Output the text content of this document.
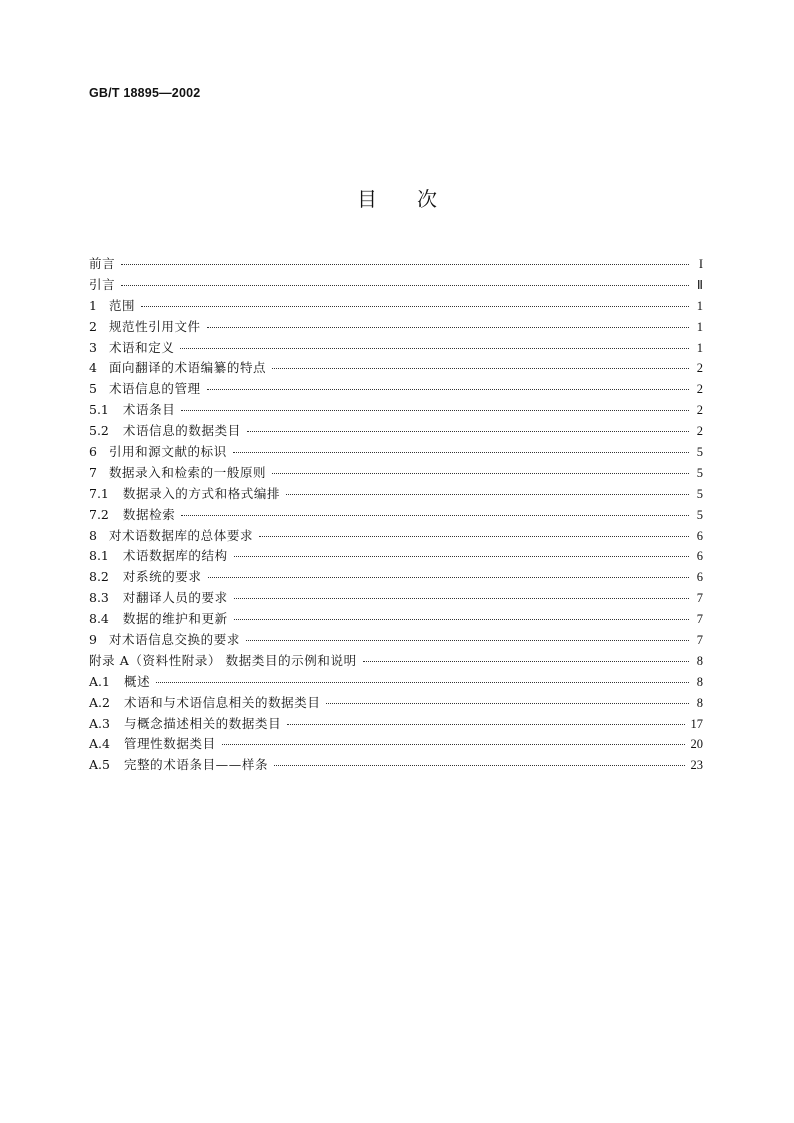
GB/T 18895—2002
目 次
前言	I
引言	Ⅱ
1 范围	1
2 规范性引用文件	1
3 术语和定义	1
4 面向翻译的术语编纂的特点	2
5 术语信息的管理	2
5.1 术语条目	2
5.2 术语信息的数据类目	2
6 引用和源文献的标识	5
7 数据录入和检索的一般原则	5
7.1 数据录入的方式和格式编排	5
7.2 数据检索	5
8 对术语数据库的总体要求	6
8.1 术语数据库的结构	6
8.2 对系统的要求	6
8.3 对翻译人员的要求	7
8.4 数据的维护和更新	7
9 对术语信息交换的要求	7
附录 A（资料性附录） 数据类目的示例和说明	8
A.1 概述	8
A.2 术语和与术语信息相关的数据类目	8
A.3 与概念描述相关的数据类目	17
A.4 管理性数据类目	20
A.5 完整的术语条目——样条	23
